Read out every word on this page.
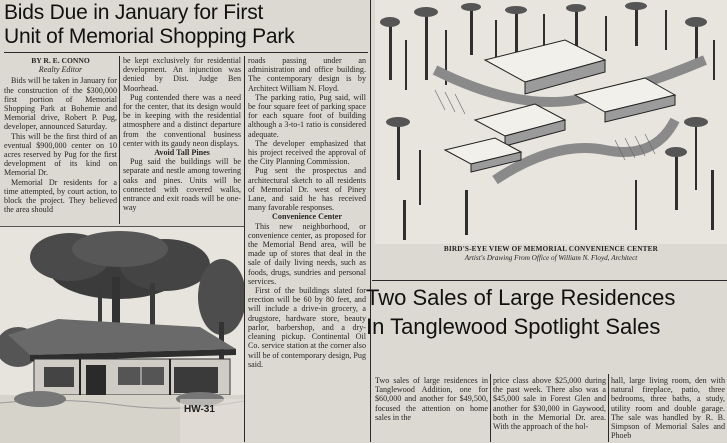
Bids Due in January for First
Unit of Memorial Shopping Park

BY R. E. CONNO

Realty Editor

Bids will be taken in January for the construction of the $300,000 first portion of Memorial Shopping Park at Bohemie and Memorial drive, Robert P. Pug, developer, announced Saturday.

This will be the first third of an eventual $900,000 center on 10 acres reserved by Pug for the first development of its kind on Memorial Dr.

Memorial Dr residents for a time attempted, by court action, to block the project. They believed the area should

be kept exclusively for residential development. An injunction was denied by Dist. Judge Ben Moorhead.

Pug contended there was a need for the center, that its design would be in keeping with the residential atmosphere and a distinct departure from the conventional business center with its gaudy neon displays.

Avoid Tall Pines

Pug said the buildings will be separate and nestle among towering oaks and pines. Units will be connected with covered walks, entrance and exit roads will be one-way

roads passing under an administration and office building. The contemporary design is by Architect William N. Floyd.

The parking ratio, Pug said, will be four square feet of parking space for each square foot of building although a 3-to-1 ratio is considered adequate.

The developer emphasized that his project received the approval of the City Planning Commission.

Pug sent the prospectus and architectural sketch to all residents of Memorial Dr. west of Piney Lane, and said he has received many favorable responses.

Convenience Center

This new neighborhood, or convenience center, as proposed for the Memorial Bend area, will be made up of stores that deal in the sale of daily living needs, such as foods, drugs, sundries and personal services.

First of the buildings slated for erection will be 60 by 80 feet, and will include a drive-in grocery, a drugstore, hardware store, beauty parlor, barbershop, and a dry-cleaning pickup. Continental Oil Co. service station at the corner also will be of contemporary design, Pug said.

HW-31
BIRD'S-EYE VIEW OF MEMORIAL CONVENIENCE CENTER
Artist's Drawing From Office of William N. Floyd, Architect
Two Sales of Large Residences
In Tanglewood Spotlight Sales

Two sales of large residences in Tanglewood Addition, one for $60,000 and another for $49,500, focused the attention on home sales in the

price class above $25,000 during the past week. There also was a $45,000 sale in Forest Glen and another for $30,000 in Gaywood, both in the Memorial Dr. area. With the approach of the hol-

hall, large living room, den with natural fireplace, patio, three bedrooms, three baths, a study, utility room and double garage. The sale was handled by R. B. Simpson of Memorial Sales and Phoeb
